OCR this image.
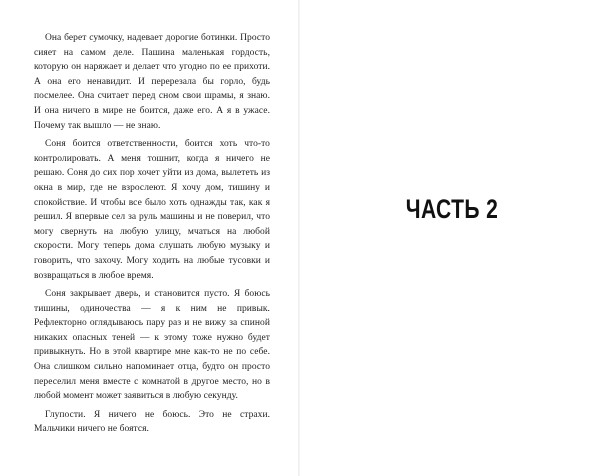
Она берет сумочку, надевает дорогие ботинки. Просто сияет на самом деле. Пашина маленькая гордость, которую он наряжает и делает что угодно по ее прихоти. А она его ненавидит. И перерезала бы горло, будь посмелее. Она считает перед сном свои шрамы, я знаю. И она ничего в мире не боится, даже его. А я в ужасе. Почему так вышло — не знаю.

Соня боится ответственности, боится хоть что-то контролировать. А меня тошнит, когда я ничего не решаю. Соня до сих пор хочет уйти из дома, вылететь из окна в мир, где не взрослеют. Я хочу дом, тишину и спокойствие. И чтобы все было хоть однажды так, как я решил. Я впервые сел за руль машины и не поверил, что могу свернуть на любую улицу, мчаться на любой скорости. Могу теперь дома слушать любую музыку и говорить, что захочу. Могу ходить на любые тусовки и возвращаться в любое время.

Соня закрывает дверь, и становится пусто. Я боюсь тишины, одиночества — я к ним не привык. Рефлекторно оглядываюсь пару раз и не вижу за спиной никаких опасных теней — к этому тоже нужно будет привыкнуть. Но в этой квартире мне как-то не по себе. Она слишком сильно напоминает отца, будто он просто переселил меня вместе с комнатой в другое место, но в любой момент может заявиться в любую секунду.

Глупости. Я ничего не боюсь. Это не страхи. Мальчики ничего не боятся.

ЧАСТЬ 2
